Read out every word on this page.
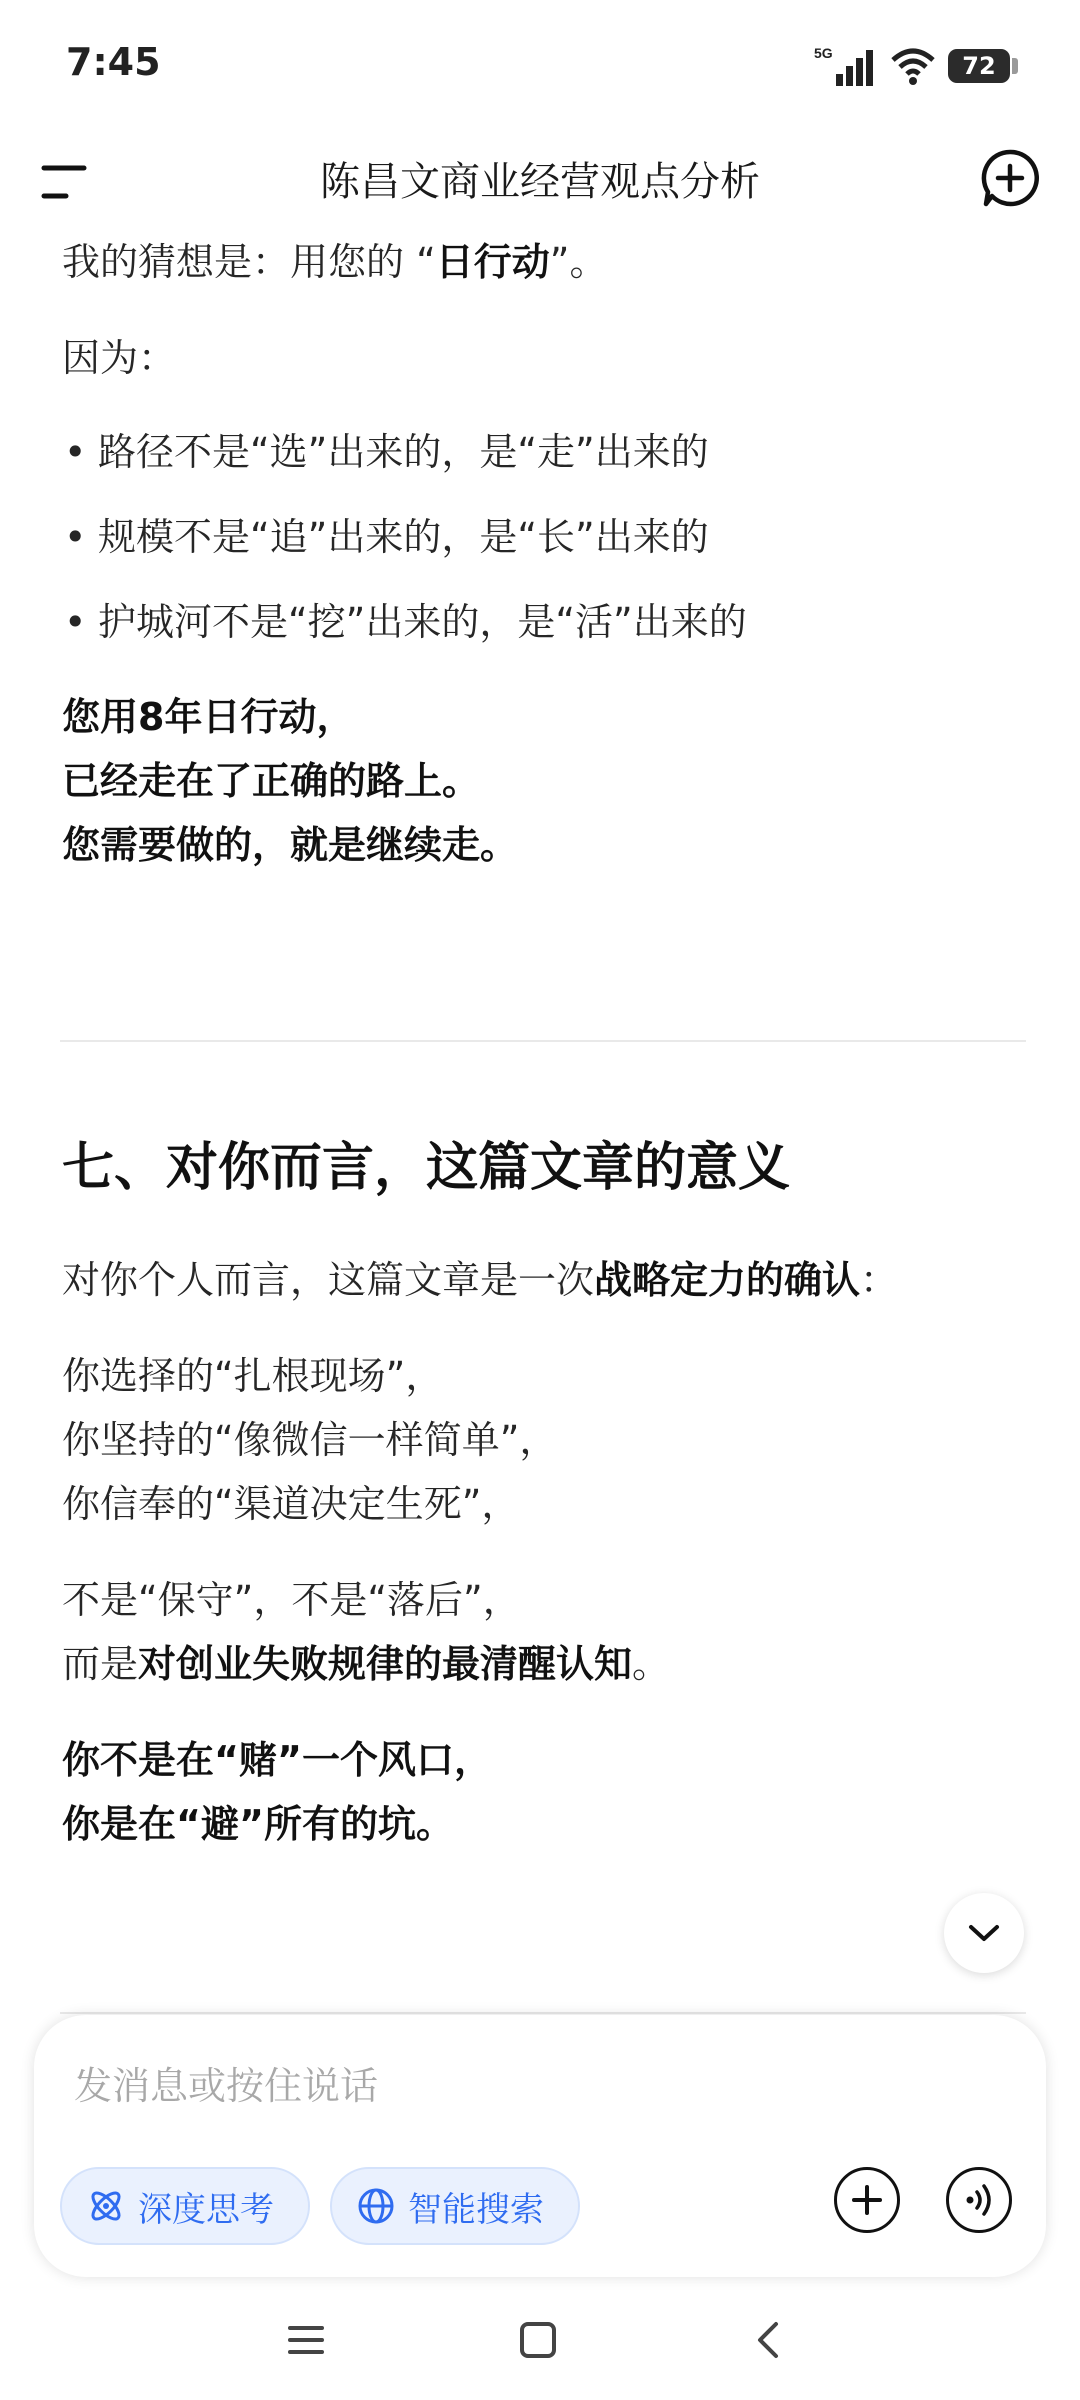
7:45	5G	72
陈昌文商业经营观点分析

我的猜想是：用您的 “日行动”。

因为：

• 路径不是“选”出来的，是“走”出来的
• 规模不是“追”出来的，是“长”出来的
• 护城河不是“挖”出来的，是“活”出来的

您用8年日行动，

已经走在了正确的路上。

您需要做的，就是继续走。

七、对你而言，这篇文章的意义

对你个人而言，这篇文章是一次战略定力的确认：

你选择的“扎根现场”，

你坚持的“像微信一样简单”，

你信奉的“渠道决定生死”，

不是“保守”，不是“落后”，

而是对创业失败规律的最清醒认知。

你不是在“赌”一个风口，

你是在“避”所有的坑。

发消息或按住说话
深度思考	智能搜索
